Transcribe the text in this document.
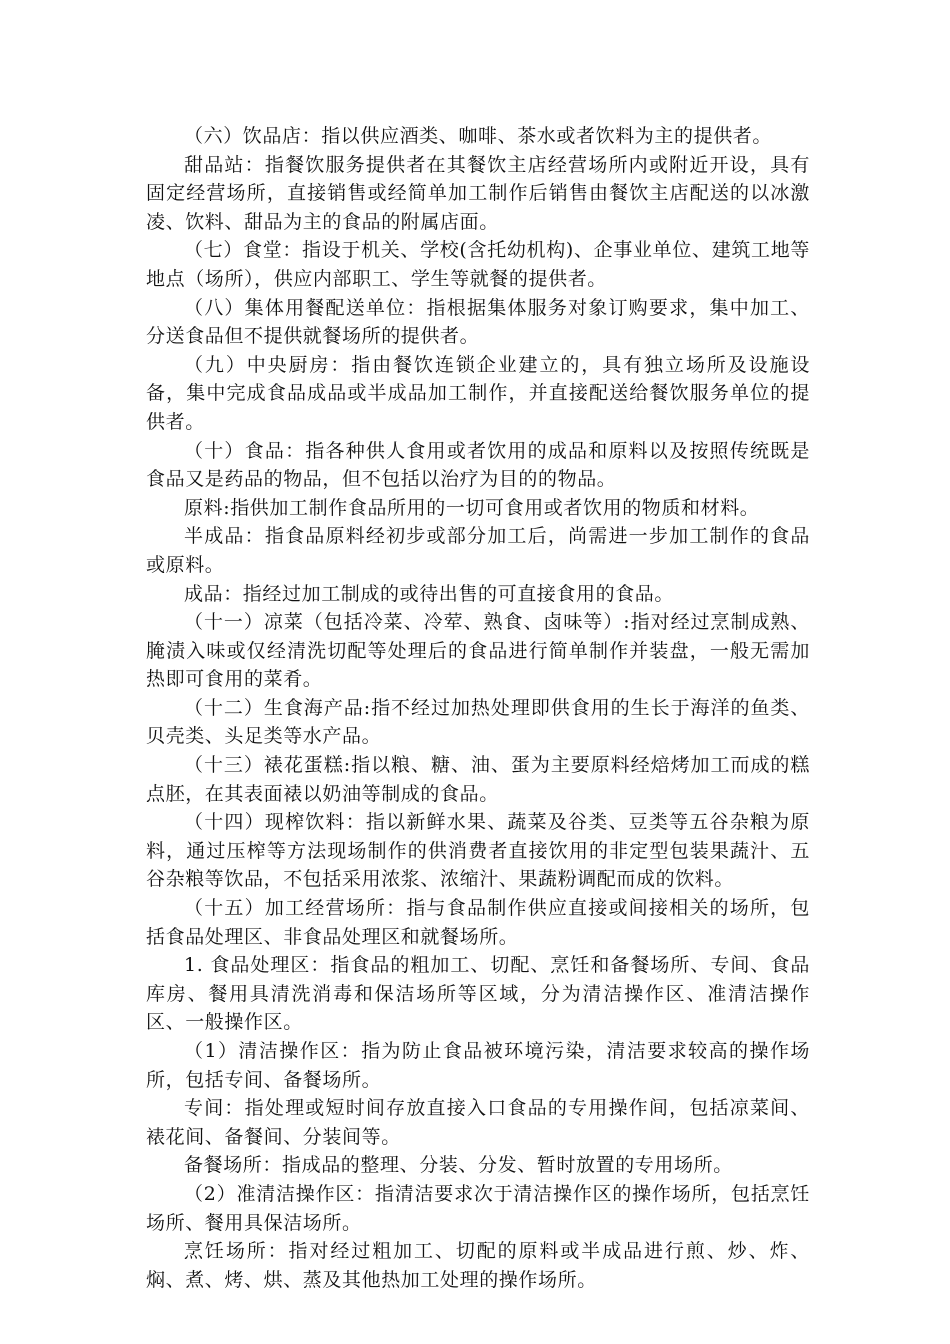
（六）饮品店：指以供应酒类、咖啡、茶水或者饮料为主的提供者。

甜品站：指餐饮服务提供者在其餐饮主店经营场所内或附近开设，具有固定经营场所，直接销售或经简单加工制作后销售由餐饮主店配送的以冰激凌、饮料、甜品为主的食品的附属店面。

（七）食堂：指设于机关、学校(含托幼机构)、企事业单位、建筑工地等地点（场所），供应内部职工、学生等就餐的提供者。

（八）集体用餐配送单位：指根据集体服务对象订购要求，集中加工、分送食品但不提供就餐场所的提供者。

（九）中央厨房：指由餐饮连锁企业建立的，具有独立场所及设施设备，集中完成食品成品或半成品加工制作，并直接配送给餐饮服务单位的提供者。

（十）食品：指各种供人食用或者饮用的成品和原料以及按照传统既是食品又是药品的物品，但不包括以治疗为目的的物品。

原料:指供加工制作食品所用的一切可食用或者饮用的物质和材料。

半成品：指食品原料经初步或部分加工后，尚需进一步加工制作的食品或原料。

成品：指经过加工制成的或待出售的可直接食用的食品。

（十一）凉菜（包括冷菜、冷荤、熟食、卤味等）:指对经过烹制成熟、腌渍入味或仅经清洗切配等处理后的食品进行简单制作并装盘，一般无需加热即可食用的菜肴。

（十二）生食海产品:指不经过加热处理即供食用的生长于海洋的鱼类、贝壳类、头足类等水产品。

（十三）裱花蛋糕:指以粮、糖、油、蛋为主要原料经焙烤加工而成的糕点胚，在其表面裱以奶油等制成的食品。

（十四）现榨饮料：指以新鲜水果、蔬菜及谷类、豆类等五谷杂粮为原料，通过压榨等方法现场制作的供消费者直接饮用的非定型包装果蔬汁、五谷杂粮等饮品，不包括采用浓浆、浓缩汁、果蔬粉调配而成的饮料。

（十五）加工经营场所：指与食品制作供应直接或间接相关的场所，包括食品处理区、非食品处理区和就餐场所。

1. 食品处理区：指食品的粗加工、切配、烹饪和备餐场所、专间、食品库房、餐用具清洗消毒和保洁场所等区域，分为清洁操作区、准清洁操作区、一般操作区。

（1）清洁操作区：指为防止食品被环境污染，清洁要求较高的操作场所，包括专间、备餐场所。

专间：指处理或短时间存放直接入口食品的专用操作间，包括凉菜间、裱花间、备餐间、分装间等。

备餐场所：指成品的整理、分装、分发、暂时放置的专用场所。

（2）准清洁操作区：指清洁要求次于清洁操作区的操作场所，包括烹饪场所、餐用具保洁场所。

烹饪场所：指对经过粗加工、切配的原料或半成品进行煎、炒、炸、焖、煮、烤、烘、蒸及其他热加工处理的操作场所。
